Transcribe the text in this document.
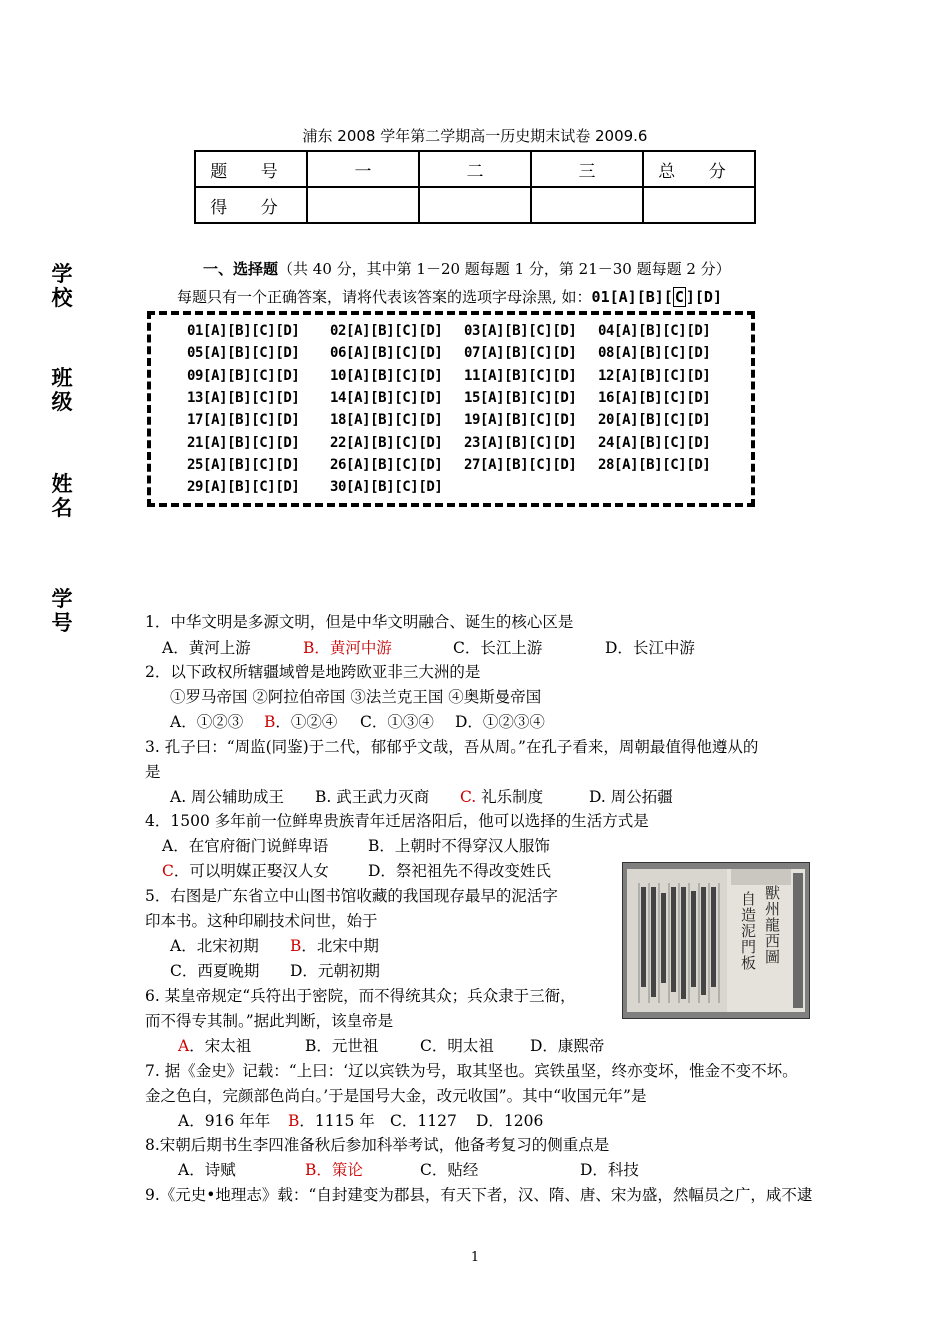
浦东 2008 学年第二学期高一历史期末试卷 2009.6
题 号	一	二	三	总 分
得 分				
学校
班级
姓名
学号
一、选择题（共 40 分，其中第 1－20 题每题 1 分，第 21－30 题每题 2 分）
每题只有一个正确答案，请将代表该答案的选项字母涂黑, 如：01[A][B][ C ][D]
01[A][B][C][D] 02[A][B][C][D] 03[A][B][C][D] 04[A][B][C][D]
05[A][B][C][D] 06[A][B][C][D] 07[A][B][C][D] 08[A][B][C][D]
09[A][B][C][D] 10[A][B][C][D] 11[A][B][C][D] 12[A][B][C][D]
13[A][B][C][D] 14[A][B][C][D] 15[A][B][C][D] 16[A][B][C][D]
17[A][B][C][D] 18[A][B][C][D] 19[A][B][C][D] 20[A][B][C][D]
21[A][B][C][D] 22[A][B][C][D] 23[A][B][C][D] 24[A][B][C][D]
25[A][B][C][D] 26[A][B][C][D] 27[A][B][C][D] 28[A][B][C][D]
29[A][B][C][D] 30[A][B][C][D]
1．中华文明是多源文明，但是中华文明融合、诞生的核心区是
A．黄河上游	B．黄河中游	C．长江上游	D．长江中游
2．以下政权所辖疆域曾是地跨欧亚非三大洲的是
①罗马帝国 ②阿拉伯帝国 ③法兰克王国 ④奥斯曼帝国
A．①②③ B．①②④ C．①③④ D．①②③④
3. 孔子曰：“周监(同鉴)于二代，郁郁乎文哉，吾从周。”在孔子看来，周朝最值得他遵从的
是
A. 周公辅助成王 B. 武王武力灭商 C. 礼乐制度	D. 周公拓疆
4．1500 多年前一位鲜卑贵族青年迁居洛阳后，他可以选择的生活方式是
A．在官府衙门说鲜卑语	B．上朝时不得穿汉人服饰
C．可以明媒正娶汉人女	D．祭祀祖先不得改变姓氏
5．右图是广东省立中山图书馆收藏的我国现存最早的泥活字
印本书。这种印刷技术问世，始于
A．北宋初期 B．北宋中期
C．西夏晚期 D．元朝初期
6. 某皇帝规定“兵符出于密院，而不得统其众；兵众隶于三衙，
而不得专其制。”据此判断，该皇帝是
A．宋太祖	B．元世祖	C．明太祖 D．康熙帝
7. 据《金史》记载：“上曰：‘辽以宾铁为号，取其坚也。宾铁虽坚，终亦变坏，惟金不变不坏。
金之色白，完颜部色尚白。’于是国号大金，改元收国”。其中“收国元年”是
A．916 年年 B．1115 年 C．1127 D．1206
8.宋朝后期书生李四准备秋后参加科举考试，他备考复习的侧重点是
A．诗赋	B．策论	C．贴经	D．科技
9.《元史•地理志》载：“自封建变为郡县，有天下者，汉、隋、唐、宋为盛，然幅员之广，咸不逮
獸
州
龍
西
圖
自
造
泥
門
板
1
